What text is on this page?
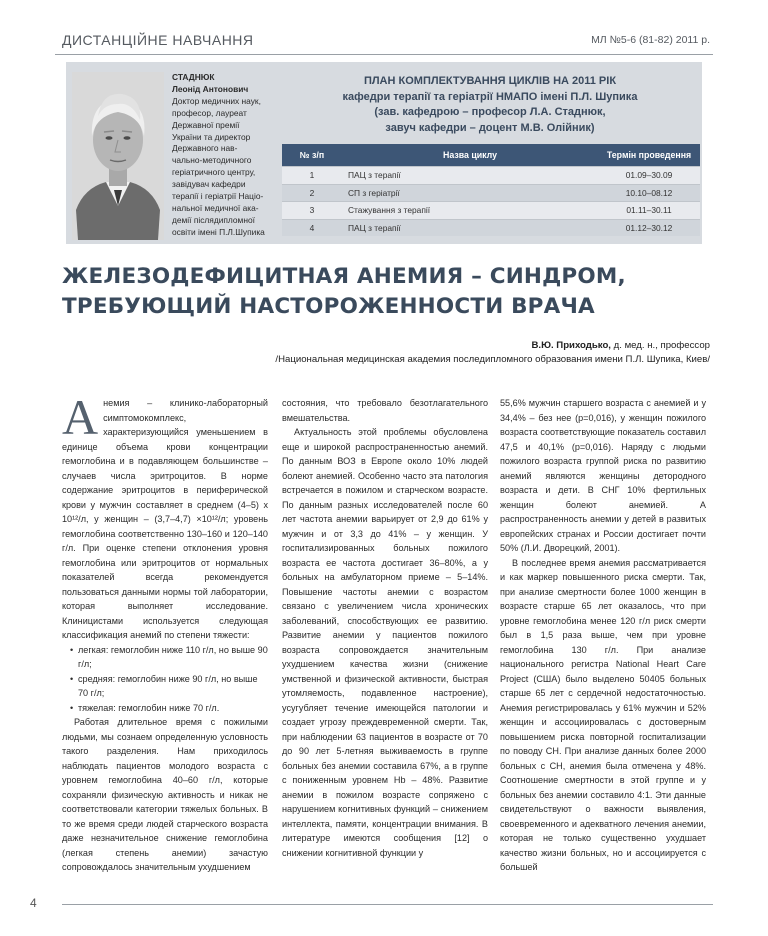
ДИСТАНЦІЙНЕ НАВЧАННЯ	МЛ №5-6 (81-82) 2011 р.
СТАДНЮК
Леонід Антонович
Доктор медичних наук,
професор, лауреат
Державної премії
України та директор
Державного нав-
чально-методичного
геріатричного центру,
завідувач кафедри
терапії і геріатрії Націо-
нальної медичної ака-
демії післядипломної
освіти імені П.Л.Шупика
ПЛАН КОМПЛЕКТУВАННЯ ЦИКЛІВ НА 2011 РІК
кафедри терапії та геріатрії НМАПО імені П.Л. Шупика
(зав. кафедрою – професор Л.А. Стаднюк,
завуч кафедри – доцент М.В. Олійник)
№ з/п	Назва циклу	Термін проведення
1	ПАЦ з терапії	01.09–30.09
2	СП з геріатрії	10.10–08.12
3	Стажування з терапії	01.11–30.11
4	ПАЦ з терапії	01.12–30.12
ЖЕЛЕЗОДЕФИЦИТНАЯ АНЕМИЯ – СИНДРОМ,
ТРЕБУЮЩИЙ НАСТОРОЖЕННОСТИ ВРАЧА
В.Ю. Приходько, д. мед. н., профессор
/Национальная медицинская академия последипломного образования имени П.Л. Шупика, Киев/
А немия – клинико-лабораторный симптомокомплекс, характеризующийся уменьшением в единице объема крови концентрации гемоглобина и в подавляющем большинстве – случаев числа эритроцитов. В норме содержание эритроцитов в периферической крови у мужчин составляет в среднем (4–5) x 10¹²/л, у женщин – (3,7–4,7) ×10¹²/л; уровень гемоглобина соответственно 130–160 и 120–140 г/л. При оценке степени отклонения уровня гемоглобина или эритроцитов от нормальных показателей всегда рекомендуется пользоваться данными нормы той лаборатории, которая выполняет исследование. Клиницистами используется следующая классификация анемий по степени тяжести:

• легкая: гемоглобин ниже 110 г/л, но выше 90 г/л;
• средняя: гемоглобин ниже 90 г/л, но выше 70 г/л;
• тяжелая: гемоглобин ниже 70 г/л.

Работая длительное время с пожилыми людьми, мы сознаем определенную условность такого разделения. Нам приходилось наблюдать пациентов молодого возраста с уровнем гемоглобина 40–60 г/л, которые сохраняли физическую активность и никак не соответствовали категории тяжелых больных. В то же время среди людей старческого возраста даже незначительное снижение гемоглобина (легкая степень анемии) зачастую сопровождалось значительным ухудшением

состояния, что требовало безотлагательного вмешательства.

Актуальность этой проблемы обусловлена еще и широкой распространенностью анемий. По данным ВОЗ в Европе около 10% людей болеют анемией. Особенно часто эта патология встречается в пожилом и старческом возрасте. По данным разных исследователей после 60 лет частота анемии варьирует от 2,9 до 61% у мужчин и от 3,3 до 41% – у женщин. У госпитализированных больных пожилого возраста ее частота достигает 36–80%, а у больных на амбулаторном приеме – 5–14%. Повышение частоты анемии с возрастом связано с увеличением числа хронических заболеваний, способствующих ее развитию. Развитие анемии у пациентов пожилого возраста сопровождается значительным ухудшением качества жизни (снижение умственной и физической активности, быстрая утомляемость, подавленное настроение), усугубляет течение имеющейся патологии и создает угрозу преждевременной смерти. Так, при наблюдении 63 пациентов в возрасте от 70 до 90 лет 5-летняя выживаемость в группе больных без анемии составила 67%, а в группе с пониженным уровнем Hb – 48%. Развитие анемии в пожилом возрасте сопряжено с нарушением когнитивных функций – снижением интеллекта, памяти, концентрации внимания. В литературе имеются сообщения [12] о снижении когнитивной функции у

55,6% мужчин старшего возраста с анемией и у 34,4% – без нее (р=0,016), у женщин пожилого возраста соответствующие показатель составил 47,5 и 40,1% (р=0,016). Наряду с людьми пожилого возраста группой риска по развитию анемий являются женщины детородного возраста и дети. В СНГ 10% фертильных женщин болеют анемией. А распространенность анемии у детей в развитых европейских странах и России достигает почти 50% (Л.И. Дворецкий, 2001).

В последнее время анемия рассматривается и как маркер повышенного риска смерти. Так, при анализе смертности более 1000 женщин в возрасте старше 65 лет оказалось, что при уровне гемоглобина менее 120 г/л риск смерти был в 1,5 раза выше, чем при уровне гемоглобина 130 г/л. При анализе национального регистра National Heart Care Project (США) было выделено 50405 больных старше 65 лет с сердечной недостаточностью. Анемия регистрировалась у 61% мужчин и 52% женщин и ассоциировалась с достоверным повышением риска повторной госпитализации по поводу СН. При анализе данных более 2000 больных с СН, анемия была отмечена у 48%. Соотношение смертности в этой группе и у больных без анемии составило 4:1. Эти данные свидетельствуют о важности выявления, своевременного и адекватного лечения анемии, которая не только существенно ухудшает качество жизни больных, но и ассоциируется с большей

4
